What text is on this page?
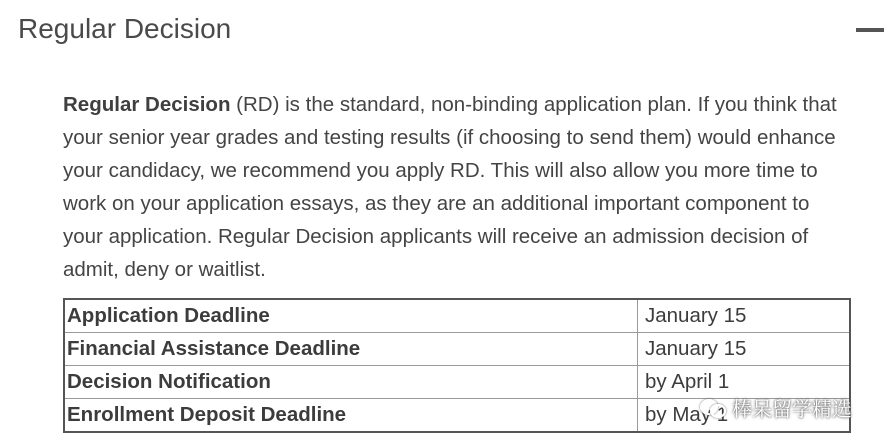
Regular Decision

Regular Decision (RD) is the standard, non-binding application plan. If you think that your senior year grades and testing results (if choosing to send them) would enhance your candidacy, we recommend you apply RD. This will also allow you more time to work on your application essays, as they are an additional important component to your application. Regular Decision applicants will receive an admission decision of admit, deny or waitlist.

Application Deadline	January 15
Financial Assistance Deadline	January 15
Decision Notification	by April 1
Enrollment Deposit Deadline	by May 1 棒呆留学精选
